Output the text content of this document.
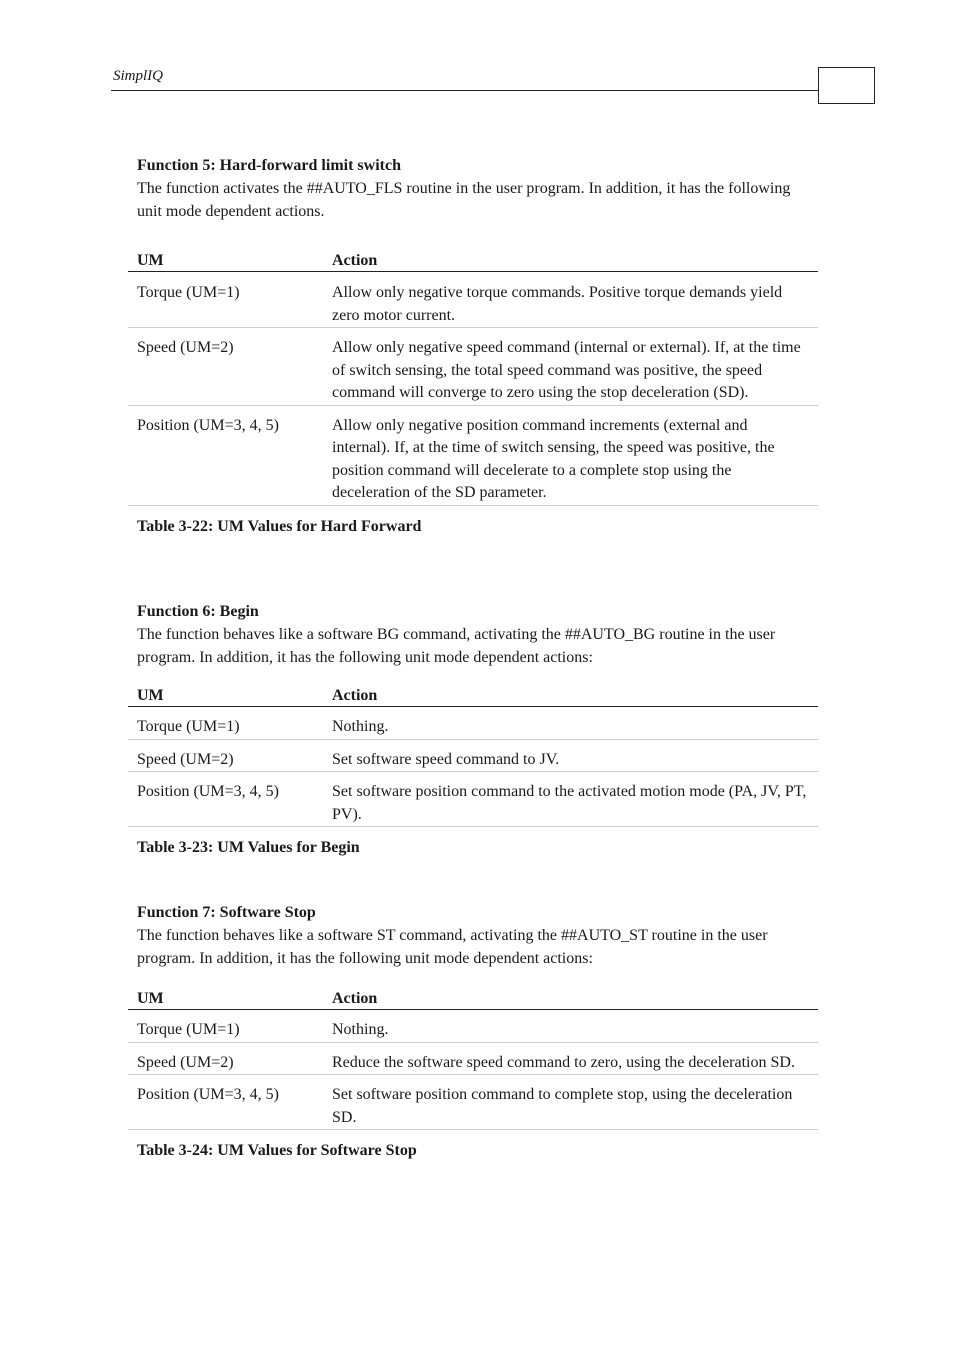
SimplIQ
Function 5: Hard-forward limit switch
The function activates the ##AUTO_FLS routine in the user program. In addition, it has the following unit mode dependent actions.
UM	Action
Torque (UM=1)	Allow only negative torque commands. Positive torque demands yield zero motor current.
Speed (UM=2)	Allow only negative speed command (internal or external). If, at the time of switch sensing, the total speed command was positive, the speed command will converge to zero using the stop deceleration (SD).
Position (UM=3, 4, 5)	Allow only negative position command increments (external and internal). If, at the time of switch sensing, the speed was positive, the position command will decelerate to a complete stop using the deceleration of the SD parameter.
Table 3-22: UM Values for Hard Forward
Function 6: Begin
The function behaves like a software BG command, activating the ##AUTO_BG routine in the user program. In addition, it has the following unit mode dependent actions:
UM	Action
Torque (UM=1)	Nothing.
Speed (UM=2)	Set software speed command to JV.
Position (UM=3, 4, 5)	Set software position command to the activated motion mode (PA, JV, PT, PV).
Table 3-23: UM Values for Begin
Function 7: Software Stop
The function behaves like a software ST command, activating the ##AUTO_ST routine in the user program. In addition, it has the following unit mode dependent actions:
UM	Action
Torque (UM=1)	Nothing.
Speed (UM=2)	Reduce the software speed command to zero, using the deceleration SD.
Position (UM=3, 4, 5)	Set software position command to complete stop, using the deceleration SD.
Table 3-24: UM Values for Software Stop
